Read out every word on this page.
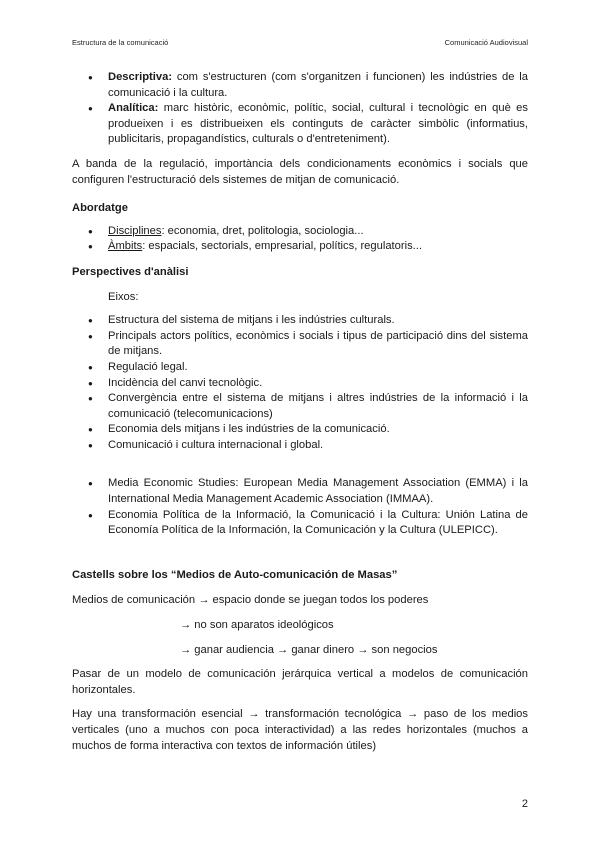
Estructura de la comunicació	Comunicació Audiovisual
● Descriptiva: com s'estructuren (com s'organitzen i funcionen) les indústries de la comunicació i la cultura.
● Analítica: marc històric, econòmic, polític, social, cultural i tecnològic en què es produeixen i es distribueixen els continguts de caràcter simbòlic (informatius, publicitaris, propagandístics, culturals o d'entreteniment).

A banda de la regulació, importància dels condicionaments econòmics i socials que configuren l'estructuració dels sistemes de mitjan de comunicació.

Abordatge
● Disciplines: economia, dret, politologia, sociologia...
● Àmbits: espacials, sectorials, empresarial, polítics, regulatoris...
Perspectives d'anàlisi
Eixos:
● Estructura del sistema de mitjans i les indústries culturals.
● Principals actors polítics, econòmics i socials i tipus de participació dins del sistema de mitjans.
● Regulació legal.
● Incidència del canvi tecnològic.
● Convergència entre el sistema de mitjans i altres indústries de la informació i la comunicació (telecomunicacions)
● Economia dels mitjans i les indústries de la comunicació.
● Comunicació i cultura internacional i global.
● Media Economic Studies: European Media Management Association (EMMA) i la International Media Management Academic Association (IMMAA).
● Economia Política de la Informació, la Comunicació i la Cultura: Unión Latina de Economía Política de la Información, la Comunicación y la Cultura (ULEPICC).
Castells sobre los “Medios de Auto-comunicación de Masas”
Medios de comunicación → espacio donde se juegan todos los poderes
→ no son aparatos ideológicos
→ ganar audiencia → ganar dinero → son negocios

Pasar de un modelo de comunicación jerárquica vertical a modelos de comunicación horizontales.

Hay una transformación esencial → transformación tecnológica → paso de los medios verticales (uno a muchos con poca interactividad) a las redes horizontales (muchos a muchos de forma interactiva con textos de información útiles)

2
